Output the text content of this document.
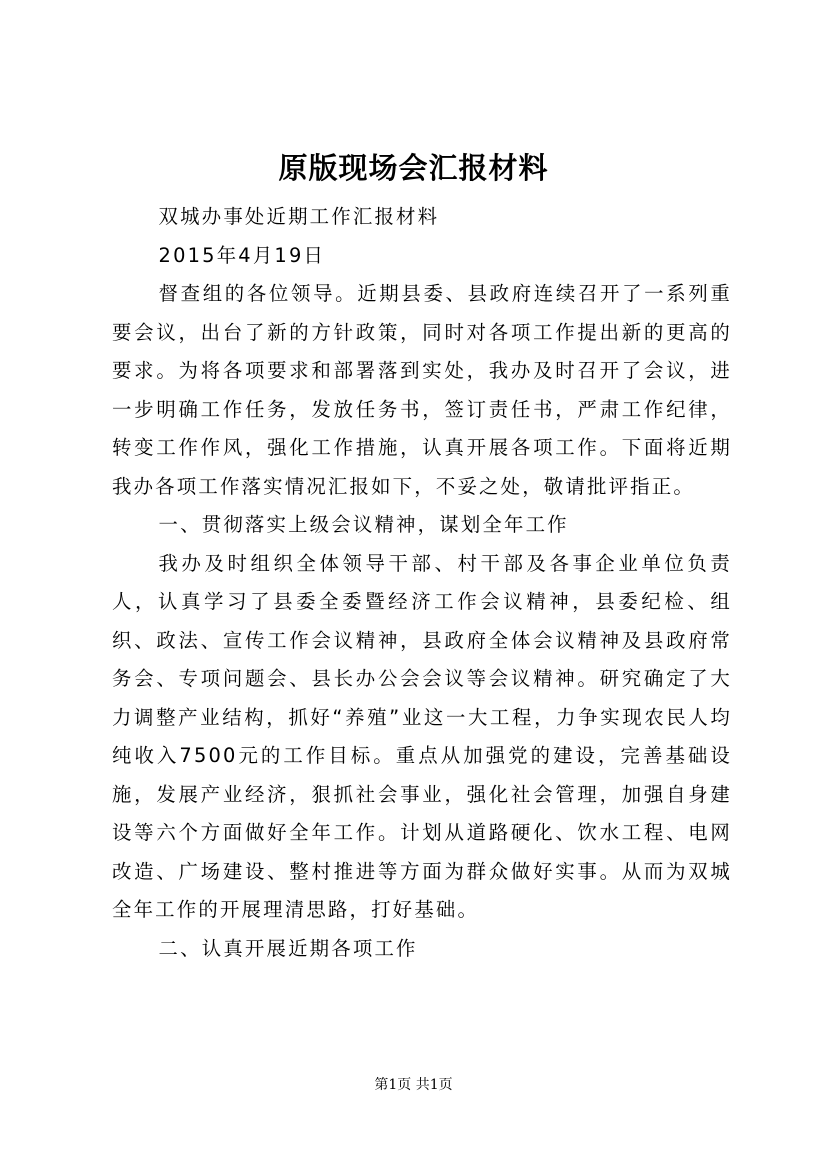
原版现场会汇报材料

双城办事处近期工作汇报材料

2015年4月19日

督查组的各位领导。近期县委、县政府连续召开了一系列重要会议，出台了新的方针政策，同时对各项工作提出新的更高的要求。为将各项要求和部署落到实处，我办及时召开了会议，进一步明确工作任务，发放任务书，签订责任书，严肃工作纪律，转变工作作风，强化工作措施，认真开展各项工作。下面将近期我办各项工作落实情况汇报如下，不妥之处，敬请批评指正。

一、贯彻落实上级会议精神，谋划全年工作

我办及时组织全体领导干部、村干部及各事企业单位负责人，认真学习了县委全委暨经济工作会议精神，县委纪检、组织、政法、宣传工作会议精神，县政府全体会议精神及县政府常务会、专项问题会、县长办公会会议等会议精神。研究确定了大力调整产业结构，抓好“养殖”业这一大工程，力争实现农民人均纯收入7500元的工作目标。重点从加强党的建设，完善基础设施，发展产业经济，狠抓社会事业，强化社会管理，加强自身建设等六个方面做好全年工作。计划从道路硬化、饮水工程、电网改造、广场建设、整村推进等方面为群众做好实事。从而为双城全年工作的开展理清思路，打好基础。

二、认真开展近期各项工作

第1页 共1页
